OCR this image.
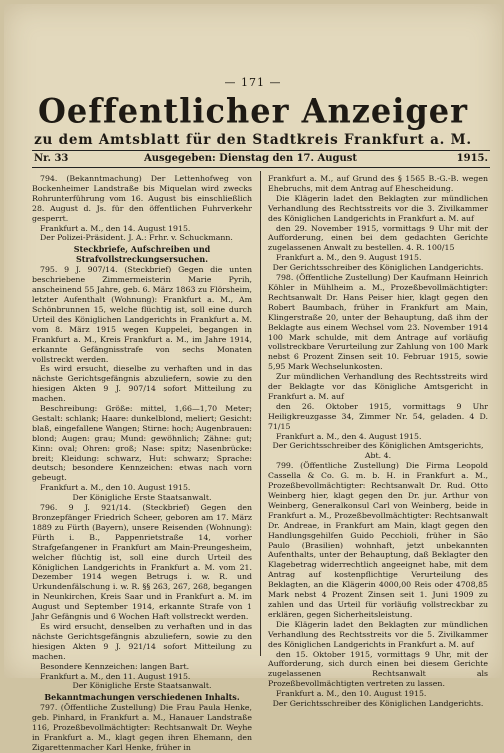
— 171 —
Oeffentlicher Anzeiger
zu dem Amtsblatt für den Stadtkreis Frankfurt a. M.
Nr. 33	Ausgegeben: Dienstag den 17. August	1915.

794. (Bekanntmachung) Der Lettenhofweg von Bockenheimer Landstraße bis Miquelan wird zwecks Rohrunterführung vom 16. August bis einschließlich 28. August d. Js. für den öffentlichen Fuhrverkehr gesperrt.

Frankfurt a. M., den 14. August 1915.

Der Polizei-Präsident. J. A.: Frhr. v. Schuckmann.

Steckbriefe, Aufschreiben und Strafvollstreckungsersuchen.

795. 9 J. 907/14. (Steckbrief) Gegen die unten beschriebene Zimmermeisterin Marie Pyrih, anscheinend 55 Jahre, geb. 6. März 1863 zu Flörsheim, letzter Aufenthalt (Wohnung): Frankfurt a. M., Am Schönbrunnen 15, welche flüchtig ist, soll eine durch Urteil des Königlichen Landgerichts in Frankfurt a. M. vom 8. März 1915 wegen Kuppelei, begangen in Frankfurt a. M., Kreis Frankfurt a. M., im Jahre 1914, erkannte Gefängnisstrafe von sechs Monaten vollstreckt werden.

Es wird ersucht, dieselbe zu verhaften und in das nächste Gerichtsgefängnis abzuliefern, sowie zu den hiesigen Akten 9 J. 907/14 sofort Mitteilung zu machen.

Beschreibung: Größe: mittel, 1,66—1,70 Meter; Gestalt: schlank; Haare: dunkelblond, meliert; Gesicht: blaß, eingefallene Wangen; Stirne: hoch; Augenbrauen: blond; Augen: grau; Mund: gewöhnlich; Zähne: gut; Kinn: oval; Ohren: groß; Nase: spitz; Nasenbrücke: breit; Kleidung: schwarz, Hut: schwarz; Sprache: deutsch; besondere Kennzeichen: etwas nach vorn gebeugt.

Frankfurt a. M., den 10. August 1915.

Der Königliche Erste Staatsanwalt.

796. 9 J. 921/14. (Steckbrief) Gegen den Bronzepfänger Friedrich Scheer, geboren am 17. März 1889 zu Fürth (Bayern), unsere Reisenden (Wohnung): Fürth i. B., Pappenrietstraße 14, vorher Strafgefangener in Frankfurt am Main-Preungesheim, welcher flüchtig ist, soll eine durch Urteil des Königlichen Landgerichts in Frankfurt a. M. vom 21. Dezember 1914 wegen Betrugs i. w. R. und Urkundenfälschung i. w. R. §§ 263, 267, 268, begangen in Neunkirchen, Kreis Saar und in Frankfurt a. M. im August und September 1914, erkannte Strafe von 1 Jahr Gefängnis und 6 Wochen Haft vollstreckt werden.

Es wird ersucht, denselben zu verhaften und in das nächste Gerichtsgefängnis abzuliefern, sowie zu den hiesigen Akten 9 J. 921/14 sofort Mitteilung zu machen.

Besondere Kennzeichen: langen Bart.

Frankfurt a. M., den 11. August 1915.

Der Königliche Erste Staatsanwalt.

Bekanntmachungen verschiedenen Inhalts.

797. (Öffentliche Zustellung) Die Frau Paula Henke, geb. Pinhard, in Frankfurt a. M., Hanauer Landstraße 116, Prozeßbevollmächtigter: Rechtsanwalt Dr. Weyhe in Frankfurt a. M., klagt gegen ihren Ehemann, den Zigarettenmacher Karl Henke, früher in

Frankfurt a. M., auf Grund des § 1565 B.-G.-B. wegen Ehebruchs, mit dem Antrag auf Ehescheidung.

Die Klägerin ladet den Beklagten zur mündlichen Verhandlung des Rechtsstreits vor die 3. Zivilkammer des Königlichen Landgerichts in Frankfurt a. M. auf

den 29. November 1915, vormittags 9 Uhr mit der Aufforderung, einen bei dem gedachten Gerichte zugelassenen Anwalt zu bestellen. 4. R. 100/15

Frankfurt a. M., den 9. August 1915.

Der Gerichtsschreiber des Königlichen Landgerichts.

798. (Öffentliche Zustellung) Der Kaufmann Heinrich Köhler in Mühlheim a. M., Prozeßbevollmächtigter: Rechtsanwalt Dr. Hans Peiser hier, klagt gegen den Robert Baumbach, früher in Frankfurt am Main, Klingerstraße 20, unter der Behauptung, daß ihm der Beklagte aus einem Wechsel vom 23. November 1914 100 Mark schulde, mit dem Antrage auf vorläufig vollstreckbare Verurteilung zur Zahlung von 100 Mark nebst 6 Prozent Zinsen seit 10. Februar 1915, sowie 5,95 Mark Wechselunkosten.

Zur mündlichen Verhandlung des Rechtsstreits wird der Beklagte vor das Königliche Amtsgericht in Frankfurt a. M. auf

den 26. Oktober 1915, vormittags 9 Uhr Heiligkreuzgasse 34, Zimmer Nr. 54, geladen. 4 D. 71/15

Frankfurt a. M., den 4. August 1915.

Der Gerichtsschreiber des Königlichen Amtsgerichts, Abt. 4.

799. (Öffentliche Zustellung) Die Firma Leopold Cassella & Co. G. m. b. H. in Frankfurt a. M., Prozeßbevollmächtigter: Rechtsanwalt Dr. Rud. Otto Weinberg hier, klagt gegen den Dr. jur. Arthur von Weinberg, Generalkonsul Carl von Weinberg, beide in Frankfurt a. M., Prozeßbevollmächtigter: Rechtsanwalt Dr. Andreae, in Frankfurt am Main, klagt gegen den Handlungsgehilfen Guido Pecchioli, früher in São Paulo (Brasilien) wohnhaft, jetzt unbekannten Aufenthalts, unter der Behauptung, daß Beklagter den Klagebetrag widerrechtlich angeeignet habe, mit dem Antrag auf kostenpflichtige Verurteilung des Beklagten, an die Klägerin 4000,00 Reis oder 4708,85 Mark nebst 4 Prozent Zinsen seit 1. Juni 1909 zu zahlen und das Urteil für vorläufig vollstreckbar zu erklären, gegen Sicherheitsleistung.

Die Klägerin ladet den Beklagten zur mündlichen Verhandlung des Rechtsstreits vor die 5. Zivilkammer des Königlichen Landgerichts in Frankfurt a. M. auf

den 15. Oktober 1915, vormittags 9 Uhr, mit der Aufforderung, sich durch einen bei diesem Gerichte zugelassenen Rechtsanwalt als Prozeßbevollmächtigten vertreten zu lassen.

Frankfurt a. M., den 10. August 1915.

Der Gerichtsschreiber des Königlichen Landgerichts.
